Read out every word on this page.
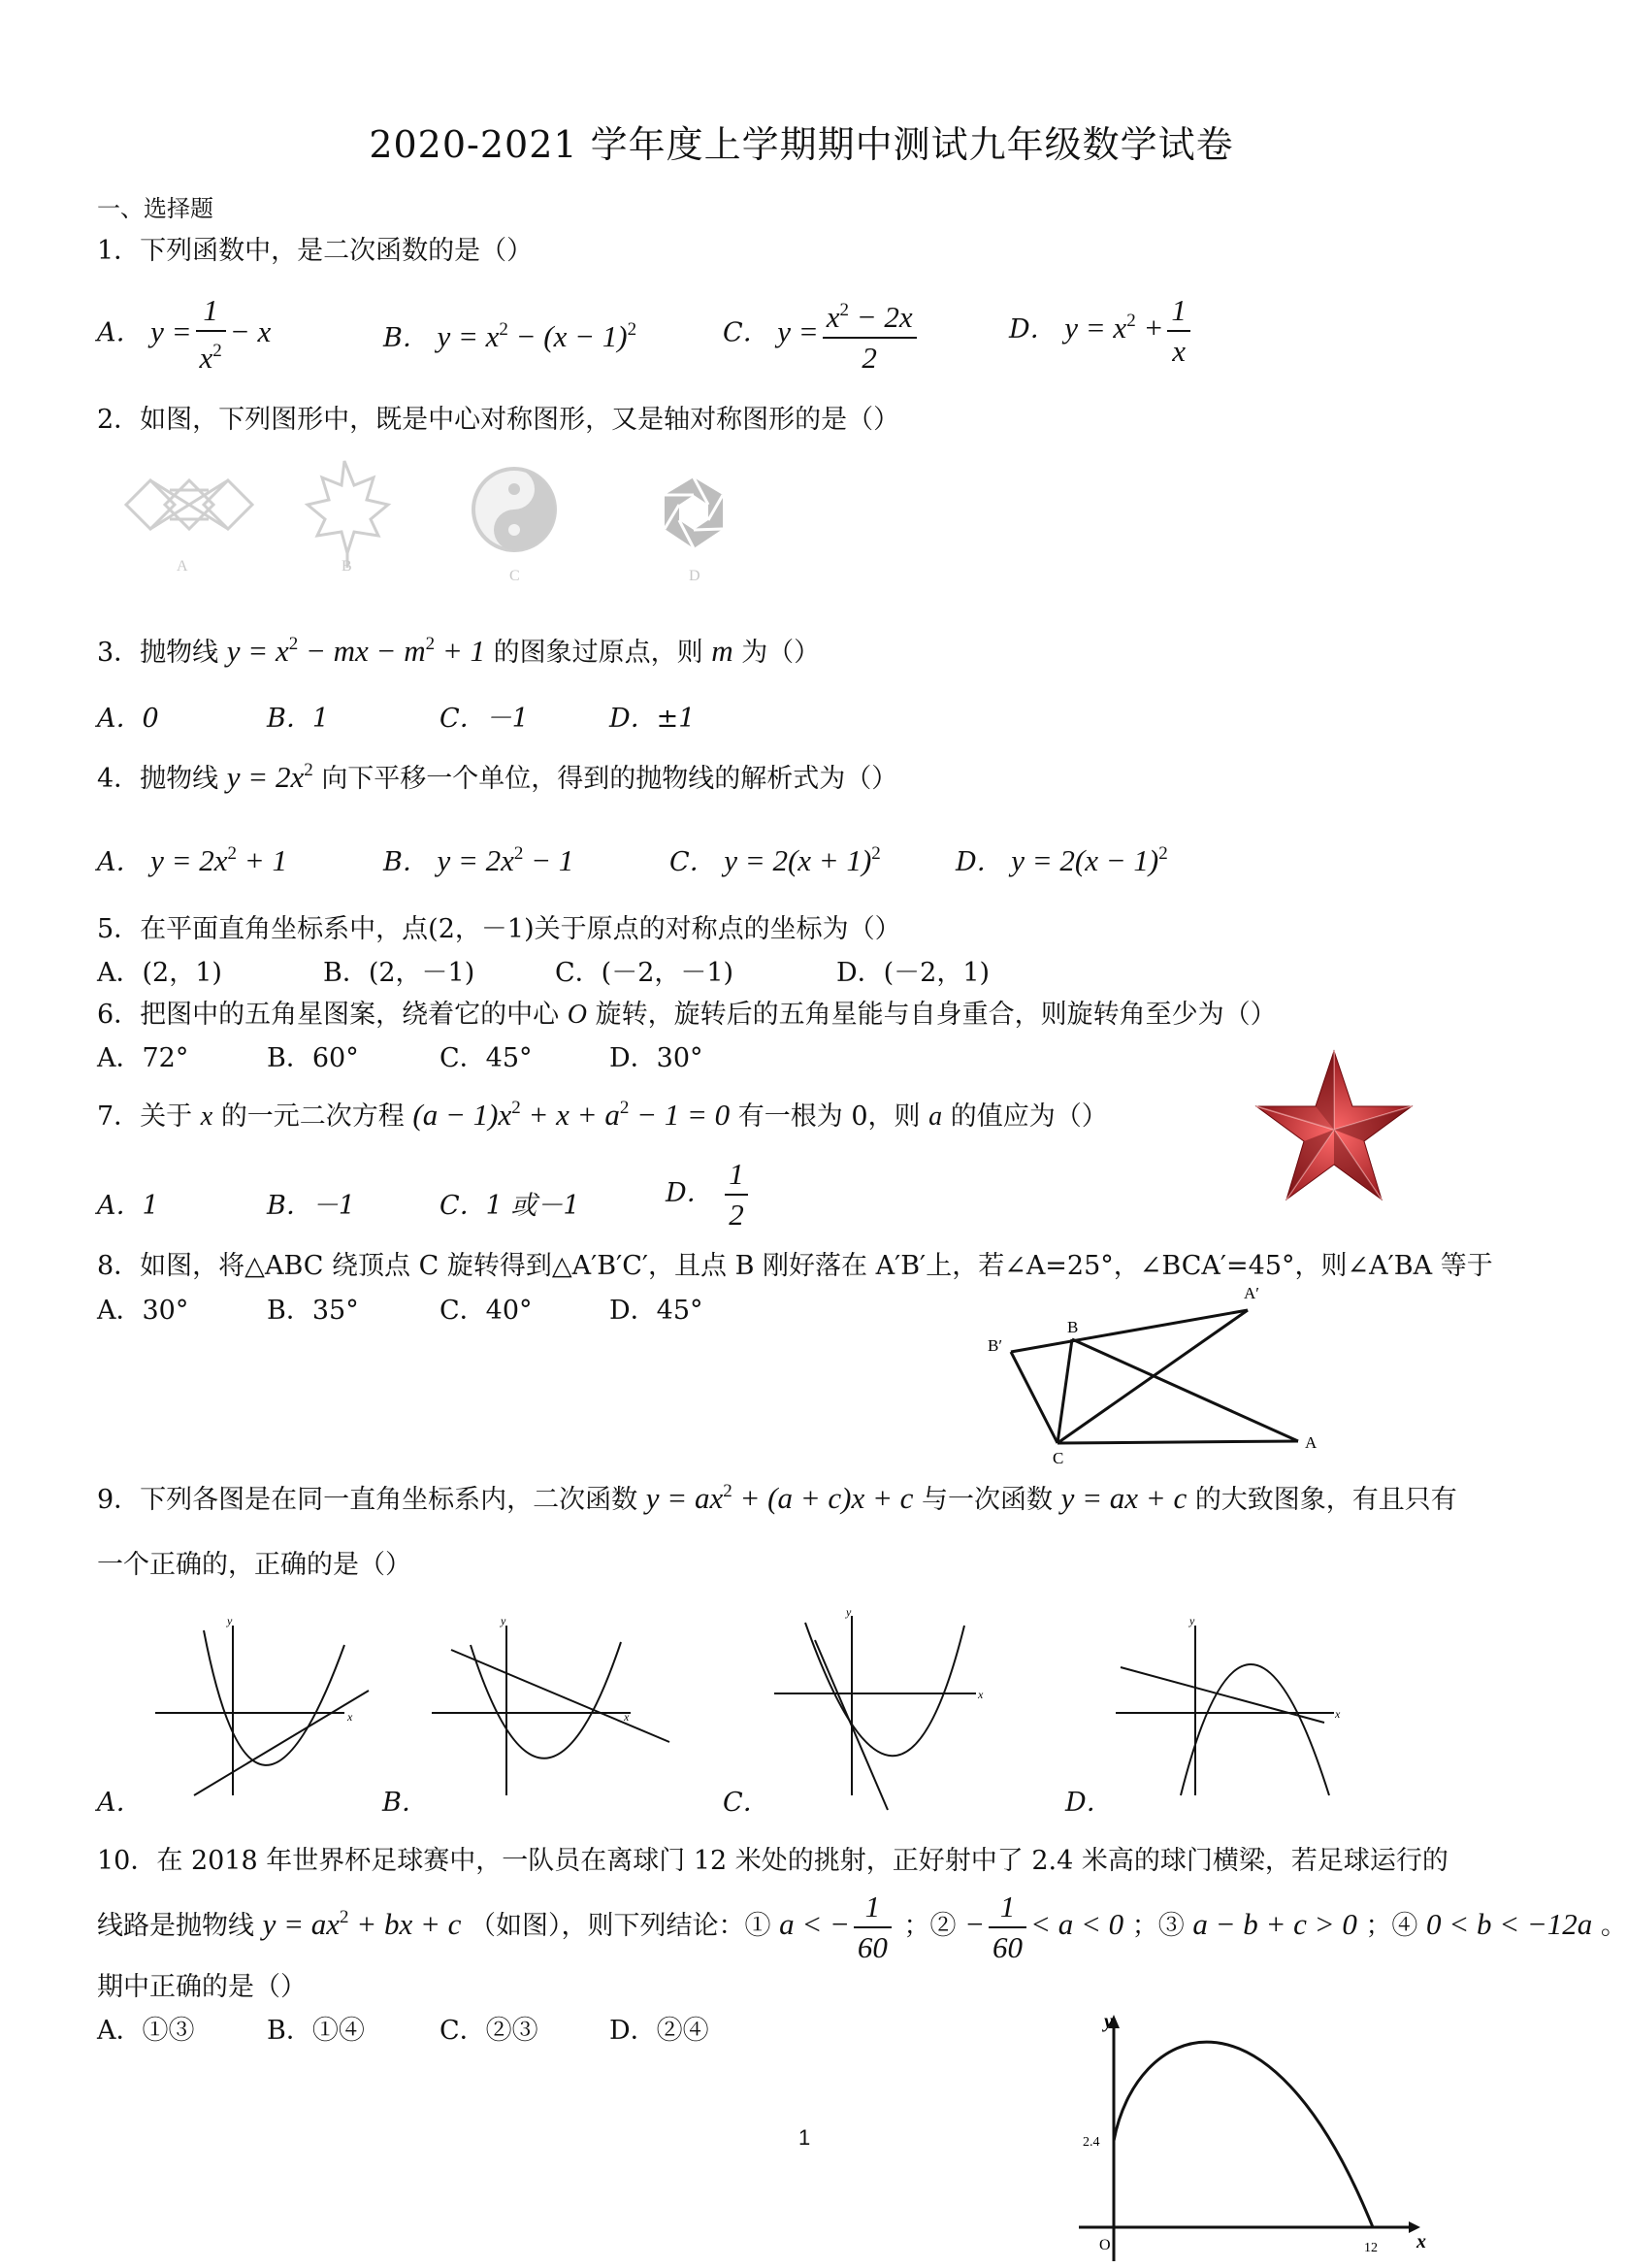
2020-2021 学年度上学期期中测试九年级数学试卷
一、选择题
1．下列函数中，是二次函数的是（）
A． $y = \frac{1}{x^2} - x$	B． $y = x^2 - (x - 1)^2$	C． $y = \frac{x^2 - 2x}{2}$	D． $y = x^2 + \frac{1}{x}$
2．如图，下列图形中，既是中心对称图形，又是轴对称图形的是（）
A	B
C	D
3．抛物线 $y = x^2$ − mx − $m^2 + 1$ 的图象过原点，则 m 为（）
A．0	B．1	C．－1	D．±1
4．抛物线 $y = 2x^2$ 向下平移一个单位，得到的抛物线的解析式为（）
A． $y = 2x^2 + 1$	B． $y = 2x^2 - 1$	C． $y = 2(x + 1)^2$	D． $y = 2(x - 1)^2$
5．在平面直角坐标系中，点(2，－1)关于原点的对称点的坐标为（）
A．(2，1)	B．(2，－1)	C．(－2，－1)	D．(－2，1)
6．把图中的五角星图案，绕着它的中心 O 旋转，旋转后的五角星能与自身重合，则旋转角至少为（）
A．72°	B．60°	C．45°	D．30°
7．关于 x 的一元二次方程 $(a - 1)x^2 + x + a^2 - 1 = 0$ 有一根为 0，则 a 的值应为（）
A．1	B．－1	C．1 或－1	D． $\frac{1}{2}$
8．如图，将△ABC 绕顶点 C 旋转得到△A′B′C′，且点 B 刚好落在 A′B′上，若∠A=25°，∠BCA′=45°，则∠A′BA 等于
A．30°	B．35°	C．40°	D．45°
A′
B′
B
C
A
9．下列各图是在同一直角坐标系内，二次函数 $y = ax^2 + (a + c)x + c$ 与一次函数 y = ax + c 的大致图象，有且只有
一个正确的，正确的是（）
x
y
x
y
x
y
x
y
A．	B．	C．	D．
10．在 2018 年世界杯足球赛中，一队员在离球门 12 米处的挑射，正好射中了 2.4 米高的球门横梁，若足球运行的
线路是抛物线 $y = ax^2$ + bx + c （如图），则下列结论：① a < − $\frac{1}{60}$ ；② − $\frac{1}{60} < a < 0$ ；③ a − b + c > 0 ；④ 0 < b < −12a 。
期中正确的是（）
A．①③	B．①④	C．②③	D．②④	y
x
O	12
2.4
1
